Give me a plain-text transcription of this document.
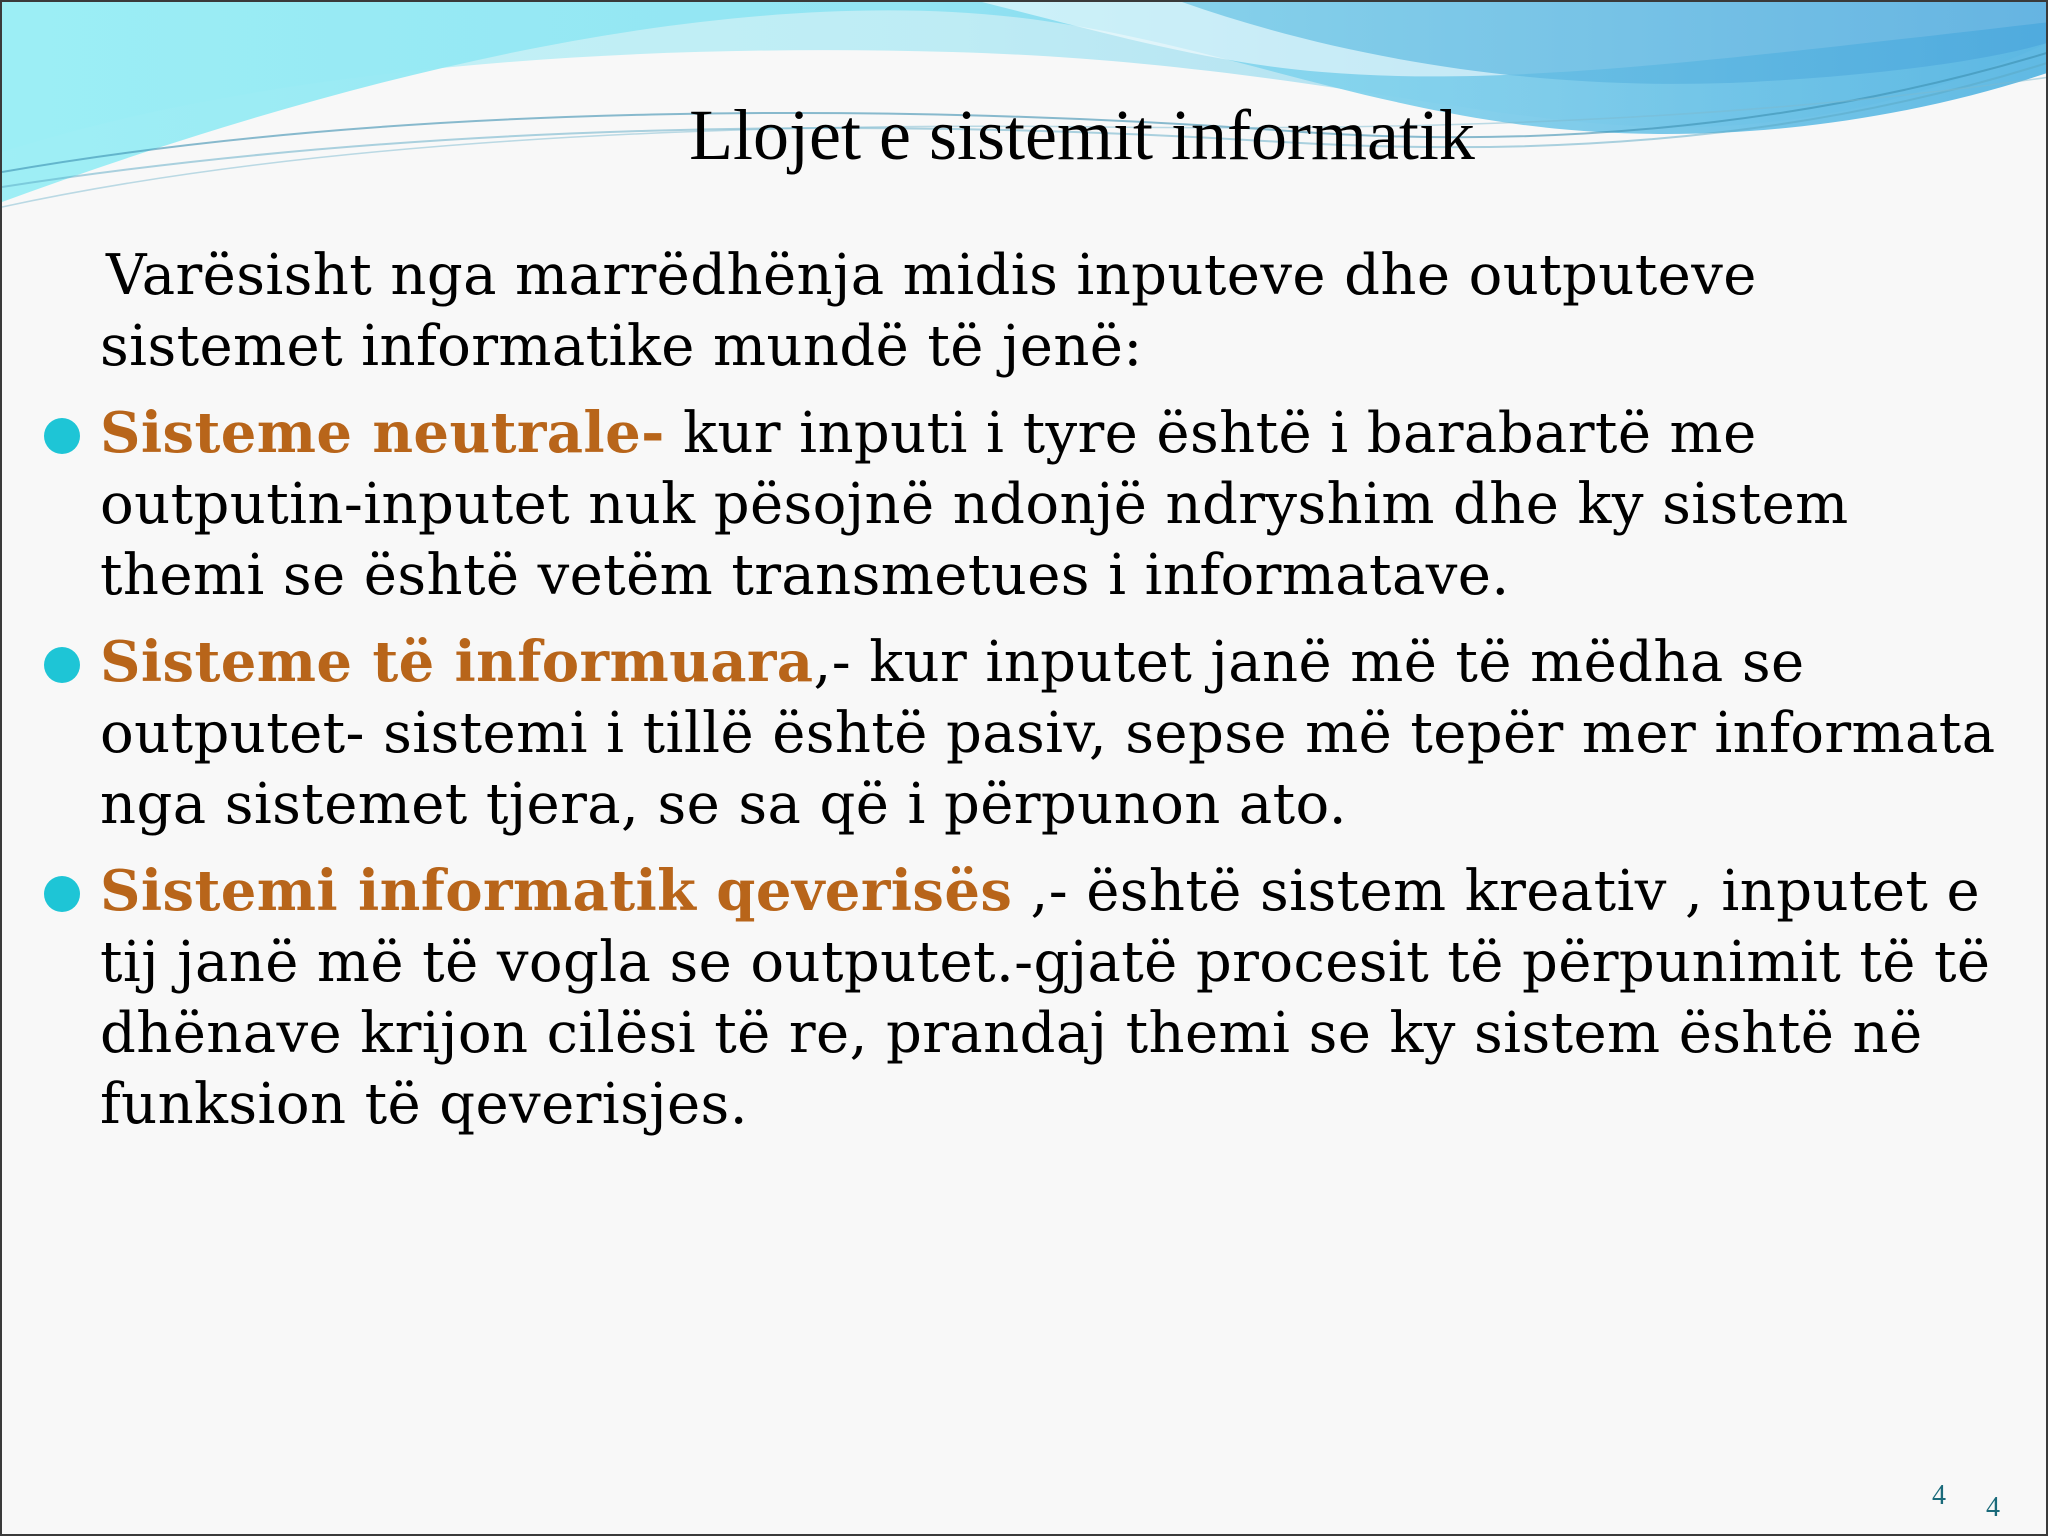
Llojet e sistemit informatik

Varësisht nga marrëdhënja midis inputeve dhe outputeve sistemet informatike mundë të jenë:

Sisteme neutrale- kur inputi i tyre është i barabartë me outputin-inputet nuk pësojnë ndonjë ndryshim dhe ky sistem themi se është vetëm transmetues i informatave.
Sisteme të informuara,- kur inputet janë më të mëdha se outputet- sistemi i tillë është pasiv, sepse më tepër mer informata nga sistemet tjera, se sa që i përpunon ato.
Sistemi informatik qeverisës ,- është sistem kreativ , inputet e tij janë më të vogla se outputet.-gjatë procesit të përpunimit të të dhënave krijon cilësi të re, prandaj themi se ky sistem është në funksion të qeverisjes.
4 4
